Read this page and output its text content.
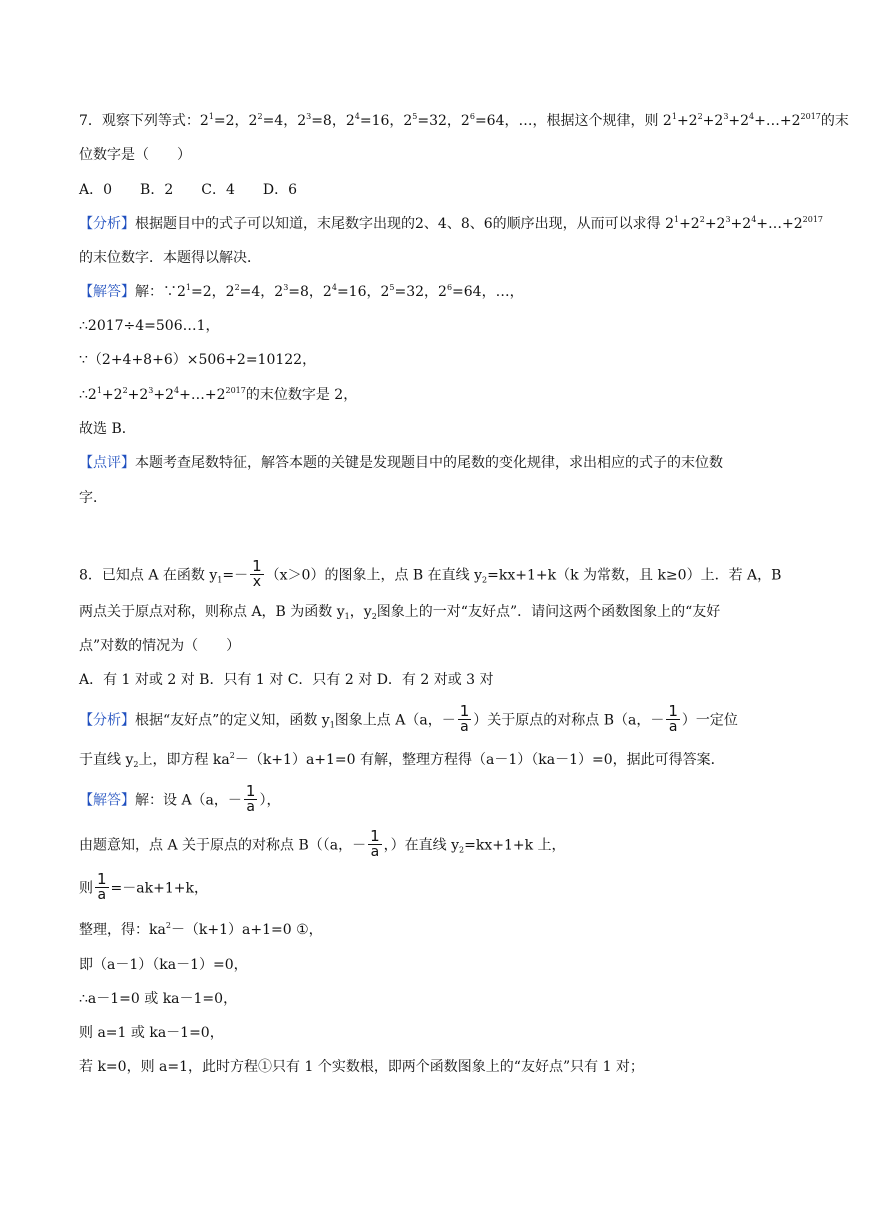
7．观察下列等式：$2^1=2$，$2^2=4$，$2^3=8$，$2^4=16$，$2^5=32$，$2^6=64$，…，根据这个规律，则 $2^1+2^2+2^3+2^4+\dots+2^{2017}$的末
位数字是（　　）
A．0 B．2 C．4 D．6
【分析】根据题目中的式子可以知道，末尾数字出现的2、4、8、6的顺序出现，从而可以求得 $2^1+2^2+2^3+2^4+\dots+2^{2017}$
的末位数字．本题得以解决．
【解答】解：$\because 2^1=2$，$2^2=4$，$2^3=8$，$2^4=16$，$2^5=32$，$2^6=64$，…，
∴2017÷4=506…1，
∵（2+4+8+6）×506+2=10122，
$\therefore 2^1+2^2+2^3+2^4+\dots+2^{2017}$的末位数字是 2，
故选 B．
【点评】本题考查尾数特征，解答本题的关键是发现题目中的尾数的变化规律，求出相应的式子的末位数
字．
8．已知点 A 在函数 $y_1=- \frac{1}{x} (x>0)$的图象上，点 B 在直线 $y_2=kx+1+k(k$ 为常数，且 k≥0）上．若 A，B
两点关于原点对称，则称点 A，B 为函数 $y_1$，$y_2$图象上的一对“友好点”．请问这两个函数图象上的“友好
点”对数的情况为（　　）
A．有 1 对或 2 对 B．只有 1 对 C．只有 2 对 D．有 2 对或 3 对
【分析】根据“友好点”的定义知，函数 $y_1$图象上点 A（a，－ $\frac{1}{a}$ ）关于原点的对称点 B（a，－ $\frac{1}{a}$ ）一定位
于直线 $y_2$上，即方程 $ka^2-(k+1)a+1=0$ 有解，整理方程得（a－1）（ka－1）=0，据此可得答案．
【解答】解：设 A（a，－ $\frac{1}{a}$ ），
由题意知，点 A 关于原点的对称点 B（（a，－ $\frac{1}{a}$ ，）在直线 $y_2=kx+1+k$ 上，
则 $\frac{1}{a} =-ak+1+k$，
整理，得：$ka^2-(k+1)a+1=0$ ①，
即（a－1）（ka－1）=0，
∴a－1=0 或 ka－1=0，
则 a=1 或 ka－1=0，
若 k=0，则 a=1，此时方程①只有 1 个实数根，即两个函数图象上的“友好点”只有 1 对；
